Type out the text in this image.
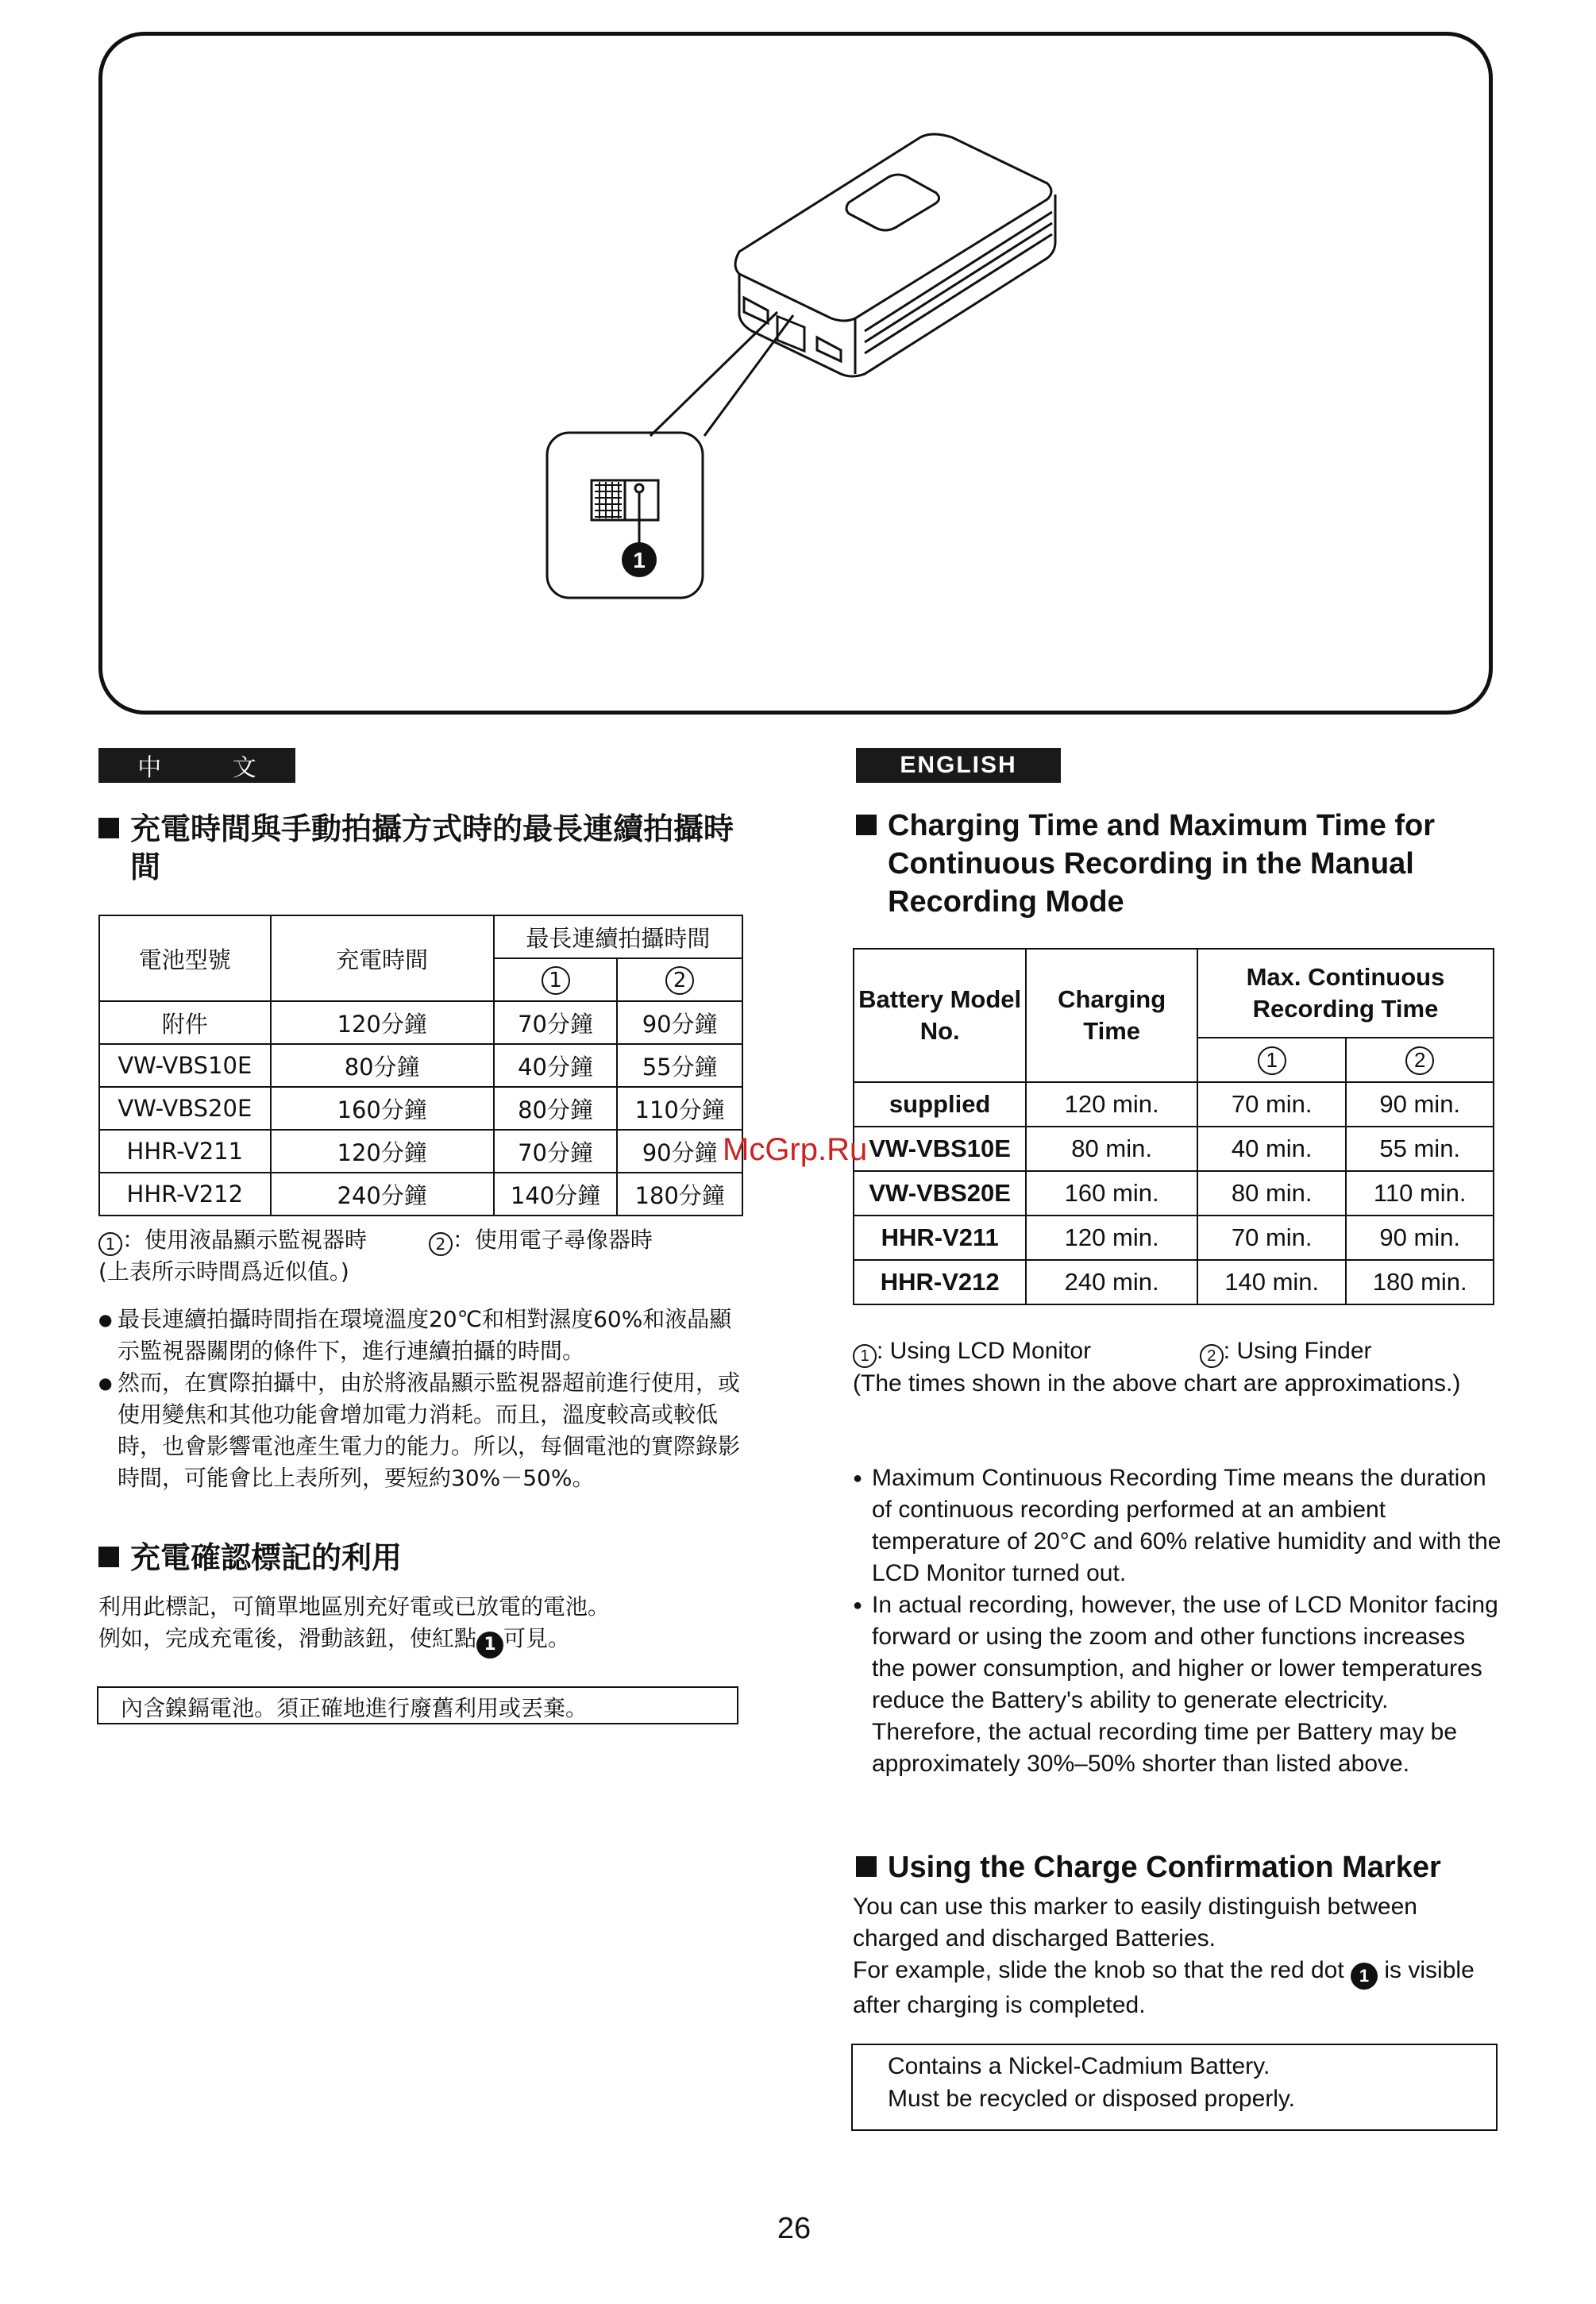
1
中 文
充電時間與手動拍攝方式時的最長連續拍攝時間
電池型號	充電時間	最長連續拍攝時間	
		1	2
附件	120分鐘	70分鐘	90分鐘
VW-VBS10E	80分鐘	40分鐘	55分鐘
VW-VBS20E	160分鐘	80分鐘	110分鐘
HHR-V211	120分鐘	70分鐘	90分鐘
HHR-V212	240分鐘	140分鐘	180分鐘
1 ：使用液晶顯示監視器時	2 ：使用電子尋像器時
(上表所示時間爲近似值。)
● 最長連續拍攝時間指在環境溫度20℃和相對濕度60%和液晶顯示監視器關閉的條件下，進行連續拍攝的時間。
● 然而，在實際拍攝中，由於將液晶顯示監視器超前進行使用，或使用變焦和其他功能會增加電力消耗。而且，溫度較高或較低時，也會影響電池產生電力的能力。所以，每個電池的實際錄影時間，可能會比上表所列，要短約30%－50%。
充電確認標記的利用
利用此標記，可簡單地區別充好電或已放電的電池。
例如，完成充電後，滑動該鈕，使紅點 1 可見。
內含鎳鎘電池。須正確地進行廢舊利用或丟棄。
ENGLISH
Charging Time and Maximum Time for Continuous Recording in the Manual Recording Mode
Battery Model No.	Charging Time	Max. Continuous Recording Time	
		1	2
supplied	120 min.	70 min.	90 min.
VW-VBS10E	80 min.	40 min.	55 min.
VW-VBS20E	160 min.	80 min.	110 min.
HHR-V211	120 min.	70 min.	90 min.
HHR-V212	240 min.	140 min.	180 min.
1 : Using LCD Monitor	2 : Using Finder
(The times shown in the above chart are approximations.)
● Maximum Continuous Recording Time means the duration of continuous recording performed at an ambient temperature of 20°C and 60% relative humidity and with the LCD Monitor turned out.
● In actual recording, however, the use of LCD Monitor facing forward or using the zoom and other functions increases the power consumption, and higher or lower temperatures reduce the Battery's ability to generate electricity. Therefore, the actual recording time per Battery may be approximately 30%–50% shorter than listed above.
Using the Charge Confirmation Marker
You can use this marker to easily distinguish between charged and discharged Batteries.
For example, slide the knob so that the red dot 1 is visible after charging is completed.
Contains a Nickel-Cadmium Battery.
Must be recycled or disposed properly.
McGrp.Ru
26
